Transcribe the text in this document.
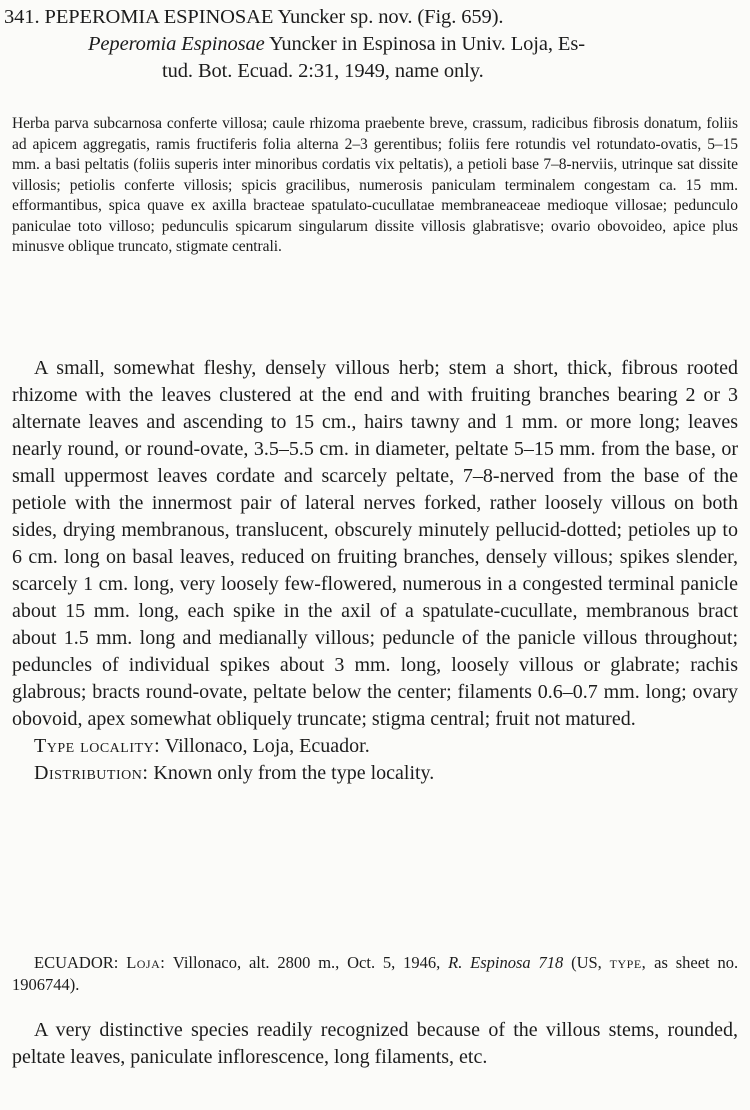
341. PEPEROMIA ESPINOSAE Yuncker sp. nov. (Fig. 659).
Peperomia Espinosae Yuncker in Espinosa in Univ. Loja, Es-
tud. Bot. Ecuad. 2:31, 1949, name only.
Herba parva subcarnosa conferte villosa; caule rhizoma praebente breve, crassum, radicibus fibrosis donatum, foliis ad apicem aggregatis, ramis fructiferis folia alterna 2–3 gerentibus; foliis fere rotundis vel rotundato-ovatis, 5–15 mm. a basi peltatis (foliis superis inter minoribus cordatis vix peltatis), a petioli base 7–8-nerviis, utrinque sat dissite villosis; petiolis conferte villosis; spicis gracilibus, numerosis paniculam terminalem congestam ca. 15 mm. efformantibus, spica quave ex axilla bracteae spatulato-cucullatae membraneaceae medioque villosae; pedunculo paniculae toto villoso; pedunculis spicarum singularum dissite villosis glabratisve; ovario obovoideo, apice plus minusve oblique truncato, stigmate centrali.

A small, somewhat fleshy, densely villous herb; stem a short, thick, fibrous rooted rhizome with the leaves clustered at the end and with fruiting branches bearing 2 or 3 alternate leaves and ascending to 15 cm., hairs tawny and 1 mm. or more long; leaves nearly round, or round-ovate, 3.5–5.5 cm. in diameter, peltate 5–15 mm. from the base, or small uppermost leaves cordate and scarcely peltate, 7–8-nerved from the base of the petiole with the innermost pair of lateral nerves forked, rather loosely villous on both sides, drying membranous, translucent, obscurely minutely pellucid-dotted; petioles up to 6 cm. long on basal leaves, reduced on fruiting branches, densely villous; spikes slender, scarcely 1 cm. long, very loosely few-flowered, numerous in a congested terminal panicle about 15 mm. long, each spike in the axil of a spatulate-cucullate, membranous bract about 1.5 mm. long and medianally villous; peduncle of the panicle villous throughout; peduncles of individual spikes about 3 mm. long, loosely villous or glabrate; rachis glabrous; bracts round-ovate, peltate below the center; filaments 0.6–0.7 mm. long; ovary obovoid, apex somewhat obliquely truncate; stigma central; fruit not matured.

Type locality: Villonaco, Loja, Ecuador.
Distribution: Known only from the type locality.

ECUADOR: Loja: Villonaco, alt. 2800 m., Oct. 5, 1946, R. Espinosa 718 (US, type, as sheet no. 1906744).

A very distinctive species readily recognized because of the villous stems, rounded, peltate leaves, paniculate inflorescence, long filaments, etc.
